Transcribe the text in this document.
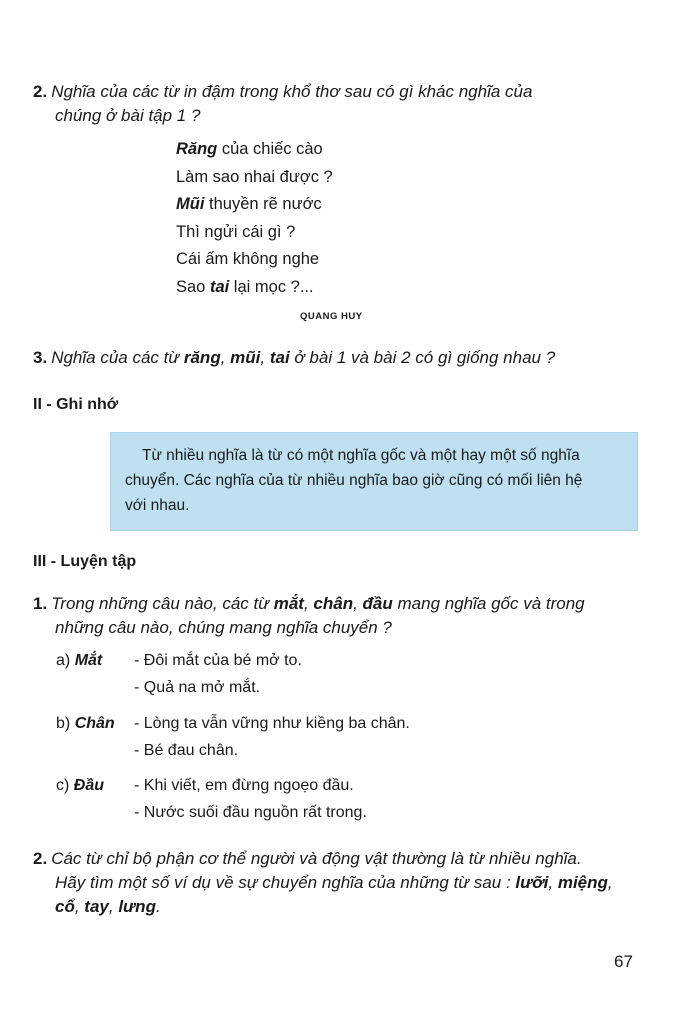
2. Nghĩa của các từ in đậm trong khổ thơ sau có gì khác nghĩa của
chúng ở bài tập 1 ?
Răng của chiếc cào
Làm sao nhai được ?
Mũi thuyền rẽ nước
Thì ngửi cái gì ?
Cái ấm không nghe
Sao tai lại mọc ?...
QUANG HUY
3. Nghĩa của các từ răng, mũi, tai ở bài 1 và bài 2 có gì giống nhau ?
II - Ghi nhớ
Từ nhiều nghĩa là từ có một nghĩa gốc và một hay một số nghĩa
chuyển. Các nghĩa của từ nhiều nghĩa bao giờ cũng có mối liên hệ
với nhau.
III - Luyện tập
1. Trong những câu nào, các từ mắt, chân, đầu mang nghĩa gốc và trong
những câu nào, chúng mang nghĩa chuyển ?
a) Mắt	- Đôi mắt của bé mở to.
- Quả na mở mắt.
b) Chân	- Lòng ta vẫn vững như kiềng ba chân.
- Bé đau chân.
c) Đầu	- Khi viết, em đừng ngoẹo đầu.
- Nước suối đầu nguồn rất trong.
2. Các từ chỉ bộ phận cơ thể người và động vật thường là từ nhiều nghĩa.
Hãy tìm một số ví dụ về sự chuyển nghĩa của những từ sau : lưỡi, miệng,
cổ, tay, lưng.
67
